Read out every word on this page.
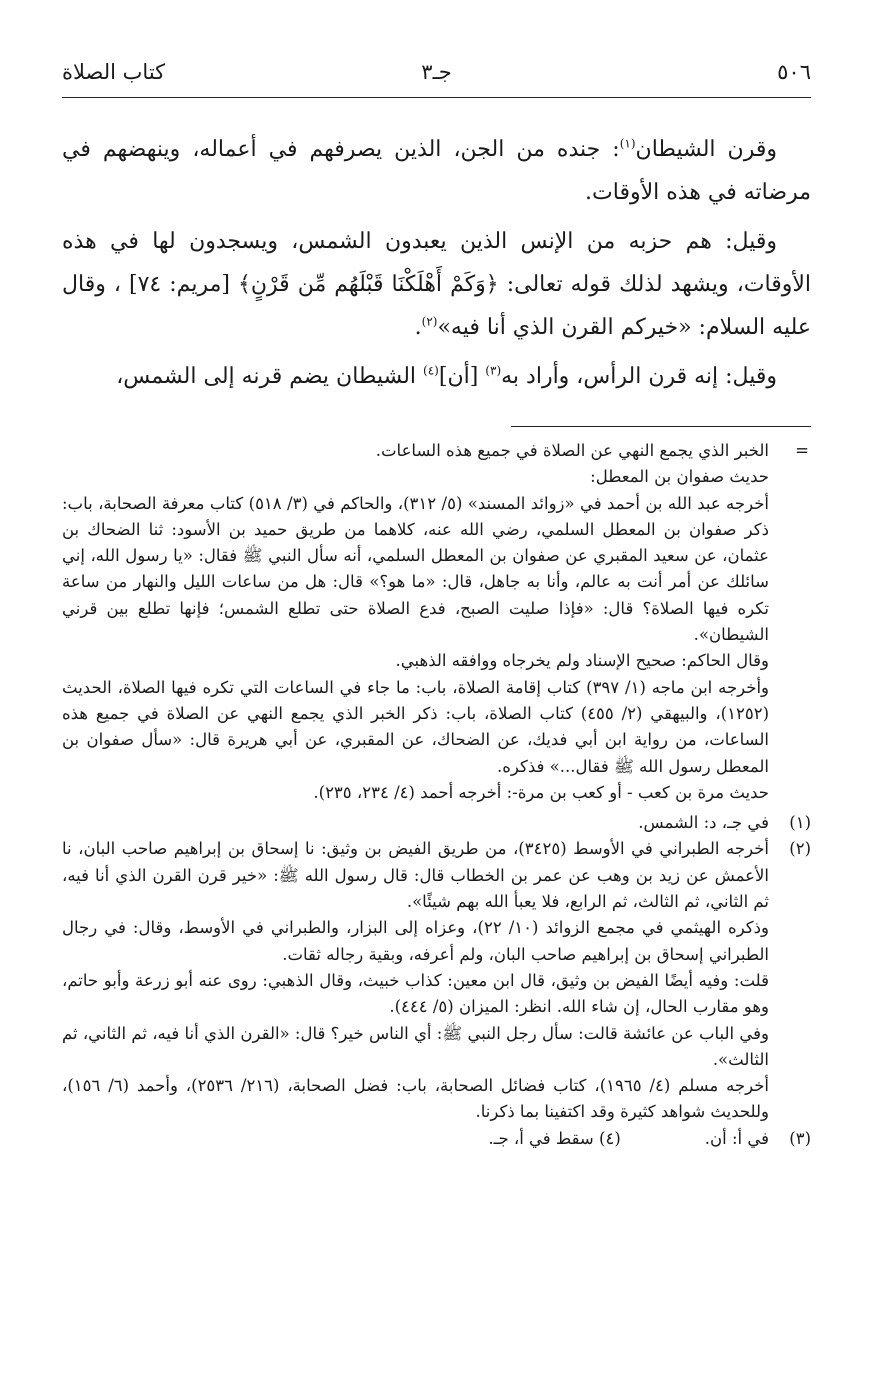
٥٠٦
جـ٣
كتاب الصلاة

وقرن الشيطان$^{(١)}$: جنده من الجن، الذين يصرفهم في أعماله، وينهضهم في مرضاته في هذه الأوقات.

وقيل: هم حزبه من الإنس الذين يعبدون الشمس، ويسجدون لها في هذه الأوقات، ويشهد لذلك قوله تعالى: ﴿وَكَمْ أَهْلَكْنَا قَبْلَهُم مِّن قَرْنٍ﴾ [مريم: ٧٤] ، وقال عليه السلام: «خيركم القرن الذي أنا فيه»$^{(٢)}$.

وقيل: إنه قرن الرأس، وأراد به$^{(٣)}$ [أن]$^{(٤)}$ الشيطان يضم قرنه إلى الشمس،

=
الخبر الذي يجمع النهي عن الصلاة في جميع هذه الساعات.
حديث صفوان بن المعطل:
أخرجه عبد الله بن أحمد في «زوائد المسند» (٥/ ٣١٢)، والحاكم في (٣/ ٥١٨) كتاب معرفة الصحابة، باب: ذكر صفوان بن المعطل السلمي، رضي الله عنه، كلاهما من طريق حميد بن الأسود: ثنا الضحاك بن عثمان، عن سعيد المقبري عن صفوان بن المعطل السلمي، أنه سأل النبي ﷺ فقال: «يا رسول الله، إني سائلك عن أمر أنت به عالم، وأنا به جاهل، قال: «ما هو؟» قال: هل من ساعات الليل والنهار من ساعة تكره فيها الصلاة؟ قال: «فإذا صليت الصبح، فدع الصلاة حتى تطلع الشمس؛ فإنها تطلع بين قرني الشيطان».
وقال الحاكم: صحيح الإسناد ولم يخرجاه ووافقه الذهبي.
وأخرجه ابن ماجه (١/ ٣٩٧) كتاب إقامة الصلاة، باب: ما جاء في الساعات التي تكره فيها الصلاة، الحديث (١٢٥٢)، والبيهقي (٢/ ٤٥٥) كتاب الصلاة، باب: ذكر الخبر الذي يجمع النهي عن الصلاة في جميع هذه الساعات، من رواية ابن أبي فديك، عن الضحاك، عن المقبري، عن أبي هريرة قال: «سأل صفوان بن المعطل رسول الله ﷺ فقال...» فذكره.
حديث مرة بن كعب - أو كعب بن مرة-: أخرجه أحمد (٤/ ٢٣٤، ٢٣٥).
(١)
في جـ، د: الشمس.
(٢)
أخرجه الطبراني في الأوسط (٣٤٢٥)، من طريق الفيض بن وثيق: نا إسحاق بن إبراهيم صاحب البان، نا الأعمش عن زيد بن وهب عن عمر بن الخطاب قال: قال رسول الله ﷺ: «خير قرن القرن الذي أنا فيه، ثم الثاني، ثم الثالث، ثم الرابع، فلا يعبأ الله بهم شيئًا».
وذكره الهيثمي في مجمع الزوائد (١٠/ ٢٢)، وعزاه إلى البزار، والطبراني في الأوسط، وقال: في رجال الطبراني إسحاق بن إبراهيم صاحب البان، ولم أعرفه، وبقية رجاله ثقات.
قلت: وفيه أيضًا الفيض بن وثيق، قال ابن معين: كذاب خبيث، وقال الذهبي: روى عنه أبو زرعة وأبو حاتم، وهو مقارب الحال، إن شاء الله. انظر: الميزان (٥/ ٤٤٤).
وفي الباب عن عائشة قالت: سأل رجل النبي ﷺ: أي الناس خير؟ قال: «القرن الذي أنا فيه، ثم الثاني، ثم الثالث».
أخرجه مسلم (٤/ ١٩٦٥)، كتاب فضائل الصحابة، باب: فضل الصحابة، (٢١٦/ ٢٥٣٦)، وأحمد (٦/ ١٥٦)، وللحديث شواهد كثيرة وقد اكتفينا بما ذكرنا.
(٣)
في أ: أن.
(٤) سقط في أ، جـ.
